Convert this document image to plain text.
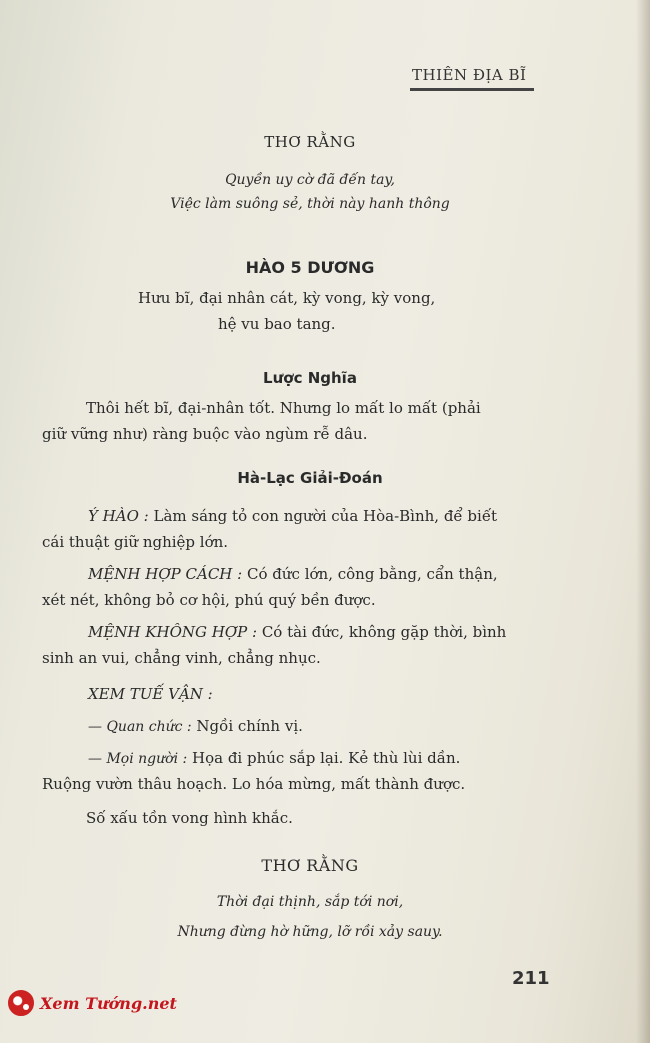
THIÊN ĐỊA BĨ
THƠ RẰNG
Quyền uy cờ đã đến tay,
Việc làm suông sẻ, thời này hanh thông
HÀO 5 DƯƠNG
Hưu bĩ, đại nhân cát, kỳ vong, kỳ vong,
hệ vu bao tang.
Lược Nghĩa
Thôi hết bĩ, đại-nhân tốt. Nhưng lo mất lo mất (phải
giữ vững như) ràng buộc vào ngùm rễ dâu.
Hà-Lạc Giải-Đoán
Ý HÀO : Làm sáng tỏ con người của Hòa-Bình, để biết
cái thuật giữ nghiệp lớn.
MỆNH HỢP CÁCH : Có đức lớn, công bằng, cẩn thận,
xét nét, không bỏ cơ hội, phú quý bền được.
MỆNH KHÔNG HỢP : Có tài đức, không gặp thời, bình
sinh an vui, chẳng vinh, chẳng nhục.
XEM TUẾ VẬN :
— Quan chức : Ngồi chính vị.
— Mọi người : Họa đi phúc sắp lại. Kẻ thù lùi dần.
Ruộng vườn thâu hoạch. Lo hóa mừng, mất thành được.
Số xấu tồn vong hình khắc.
THƠ RẰNG
Thời đại thịnh, sắp tới nơi,
Nhưng đừng hờ hững, lỡ rồi xảy sauy.
211
Xem Tướng.net
